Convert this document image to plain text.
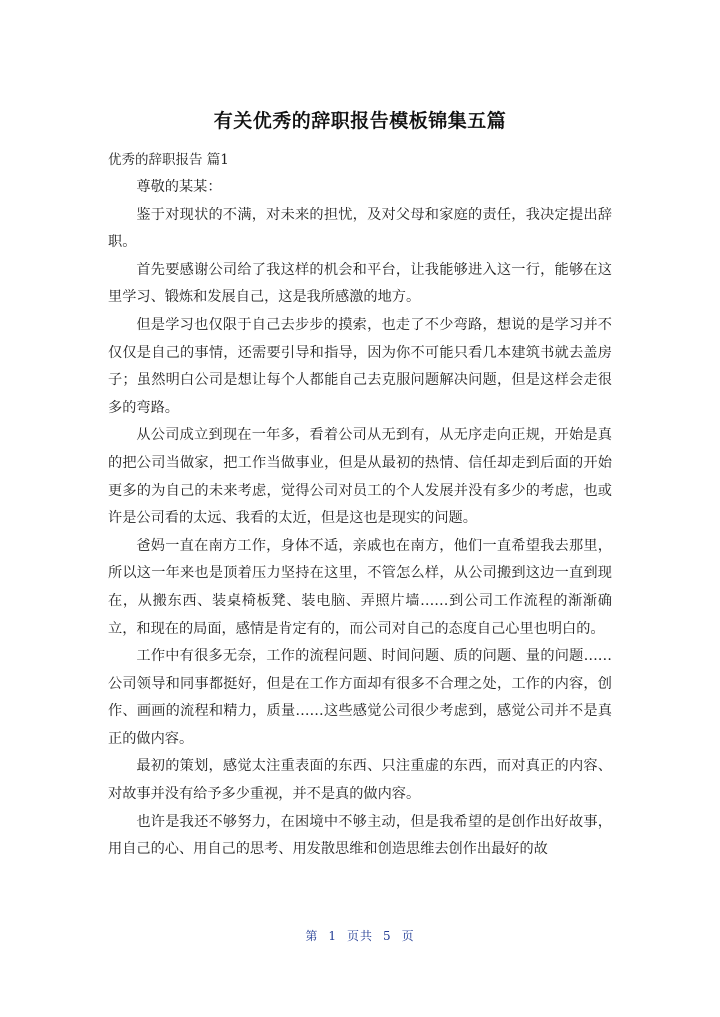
有关优秀的辞职报告模板锦集五篇
优秀的辞职报告 篇1

尊敬的某某：

鉴于对现状的不满，对未来的担忧，及对父母和家庭的责任，我决定提出辞职。

首先要感谢公司给了我这样的机会和平台，让我能够进入这一行，能够在这里学习、锻炼和发展自己，这是我所感激的地方。

但是学习也仅限于自己去步步的摸索，也走了不少弯路，想说的是学习并不仅仅是自己的事情，还需要引导和指导，因为你不可能只看几本建筑书就去盖房子；虽然明白公司是想让每个人都能自己去克服问题解决问题，但是这样会走很多的弯路。

从公司成立到现在一年多，看着公司从无到有，从无序走向正规，开始是真的把公司当做家，把工作当做事业，但是从最初的热情、信任却走到后面的开始更多的为自己的未来考虑，觉得公司对员工的个人发展并没有多少的考虑，也或许是公司看的太远、我看的太近，但是这也是现实的问题。

爸妈一直在南方工作，身体不适，亲戚也在南方，他们一直希望我去那里，所以这一年来也是顶着压力坚持在这里，不管怎么样，从公司搬到这边一直到现在，从搬东西、装桌椅板凳、装电脑、弄照片墙……到公司工作流程的渐渐确立，和现在的局面，感情是肯定有的，而公司对自己的态度自己心里也明白的。

工作中有很多无奈，工作的流程问题、时间问题、质的问题、量的问题……公司领导和同事都挺好，但是在工作方面却有很多不合理之处，工作的内容，创作、画画的流程和精力，质量……这些感觉公司很少考虑到，感觉公司并不是真正的做内容。

最初的策划，感觉太注重表面的东西、只注重虚的东西，而对真正的内容、对故事并没有给予多少重视，并不是真的做内容。

也许是我还不够努力，在困境中不够主动，但是我希望的是创作出好故事，用自己的心、用自己的思考、用发散思维和创造思维去创作出最好的故

第 1 页共 5 页
